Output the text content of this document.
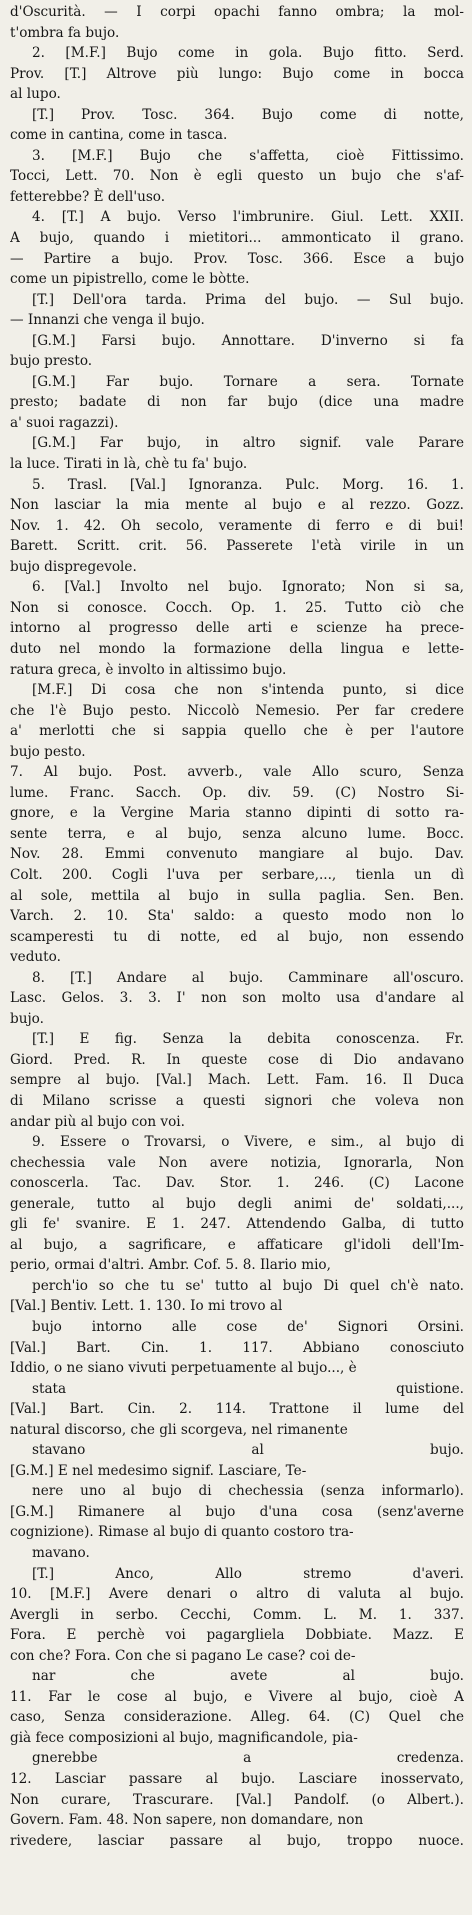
d'Oscurità. — I corpi opachi fanno ombra; la mol-

t'ombra fa bujo.

2. [M.F.] Bujo come in gola. Bujo fitto. Serd.

Prov. [T.] Altrove più lungo: Bujo come in bocca

al lupo.

[T.] Prov. Tosc. 364. Bujo come di notte,

come in cantina, come in tasca.

3. [M.F.] Bujo che s'affetta, cioè Fittissimo.

Tocci, Lett. 70. Non è egli questo un bujo che s'af-

fetterebbe? È dell'uso.

4. [T.] A bujo. Verso l'imbrunire. Giul. Lett. XXII.

A bujo, quando i mietitori... ammonticato il grano.

— Partire a bujo. Prov. Tosc. 366. Esce a bujo

come un pipistrello, come le bòtte.

[T.] Dell'ora tarda. Prima del bujo. — Sul bujo.

— Innanzi che venga il bujo.

[G.M.] Farsi bujo. Annottare. D'inverno si fa

bujo presto.

[G.M.] Far bujo. Tornare a sera. Tornate

presto; badate di non far bujo (dice una madre

a' suoi ragazzi).

[G.M.] Far bujo, in altro signif. vale Parare

la luce. Tirati in là, chè tu fa' bujo.

5. Trasl. [Val.] Ignoranza. Pulc. Morg. 16. 1.

Non lasciar la mia mente al bujo e al rezzo. Gozz.

Nov. 1. 42. Oh secolo, veramente di ferro e di bui!

Barett. Scritt. crit. 56. Passerete l'età virile in un

bujo dispregevole.

6. [Val.] Involto nel bujo. Ignorato; Non si sa,

Non si conosce. Cocch. Op. 1. 25. Tutto ciò che

intorno al progresso delle arti e scienze ha prece-

duto nel mondo la formazione della lingua e lette-

ratura greca, è involto in altissimo bujo.

[M.F.] Di cosa che non s'intenda punto, si dice

che l'è Bujo pesto. Niccolò Nemesio. Per far credere

a' merlotti che si sappia quello che è per l'autore

bujo pesto.

7. Al bujo. Post. avverb., vale Allo scuro, Senza

lume. Franc. Sacch. Op. div. 59. (C) Nostro Si-

gnore, e la Vergine Maria stanno dipinti di sotto ra-

sente terra, e al bujo, senza alcuno lume. Bocc.

Nov. 28. Emmi convenuto mangiare al bujo. Dav.

Colt. 200. Cogli l'uva per serbare,..., tienla un dì

al sole, mettila al bujo in sulla paglia. Sen. Ben.

Varch. 2. 10. Sta' saldo: a questo modo non lo

scamperesti tu di notte, ed al bujo, non essendo

veduto.

8. [T.] Andare al bujo. Camminare all'oscuro.

Lasc. Gelos. 3. 3. I' non son molto usa d'andare al

bujo.

[T.] E fig. Senza la debita conoscenza. Fr.

Giord. Pred. R. In queste cose di Dio andavano

sempre al bujo. [Val.] Mach. Lett. Fam. 16. Il Duca

di Milano scrisse a questi signori che voleva non

andar più al bujo con voi.

9. Essere o Trovarsi, o Vivere, e sim., al bujo di

chechessia vale Non avere notizia, Ignorarla, Non

conoscerla. Tac. Dav. Stor. 1. 246. (C) Lacone

generale, tutto al bujo degli animi de' soldati,...,

gli fe' svanire. E 1. 247. Attendendo Galba, di tutto

al bujo, a sagrificare, e affaticare gl'idoli dell'Im-

perio, ormai d'altri. Ambr. Cof. 5. 8. Ilario mio,

perch'io so che tu se' tutto al bujo Di quel ch'è nato.

[Val.] Bentiv. Lett. 1. 130. Io mi trovo al

bujo intorno alle cose de' Signori Orsini.

[Val.] Bart. Cin. 1. 117. Abbiano conosciuto

Iddio, o ne siano vivuti perpetuamente al bujo..., è

stata quistione.

[Val.] Bart. Cin. 2. 114. Trattone il lume del

natural discorso, che gli scorgeva, nel rimanente

stavano al bujo.

[G.M.] E nel medesimo signif. Lasciare, Te-

nere uno al bujo di chechessia (senza informarlo).

[G.M.] Rimanere al bujo d'una cosa (senz'averne

cognizione). Rimase al bujo di quanto costoro tra-

mavano.

[T.] Anco, Allo stremo d'averi.

10. [M.F.] Avere denari o altro di valuta al bujo.

Avergli in serbo. Cecchi, Comm. L. M. 1. 337.

Fora. E perchè voi pagargliela Dobbiate. Mazz. E

con che? Fora. Con che si pagano Le case? coi de-

nar che avete al bujo.

11. Far le cose al bujo, e Vivere al bujo, cioè A

caso, Senza considerazione. Alleg. 64. (C) Quel che

già fece composizioni al bujo, magnificandole, pia-

gnerebbe a credenza.

12. Lasciar passare al bujo. Lasciare inosservato,

Non curare, Trascurare. [Val.] Pandolf. (o Albert.).

Govern. Fam. 48. Non sapere, non domandare, non

rivedere, lasciar passare al bujo, troppo nuoce.
